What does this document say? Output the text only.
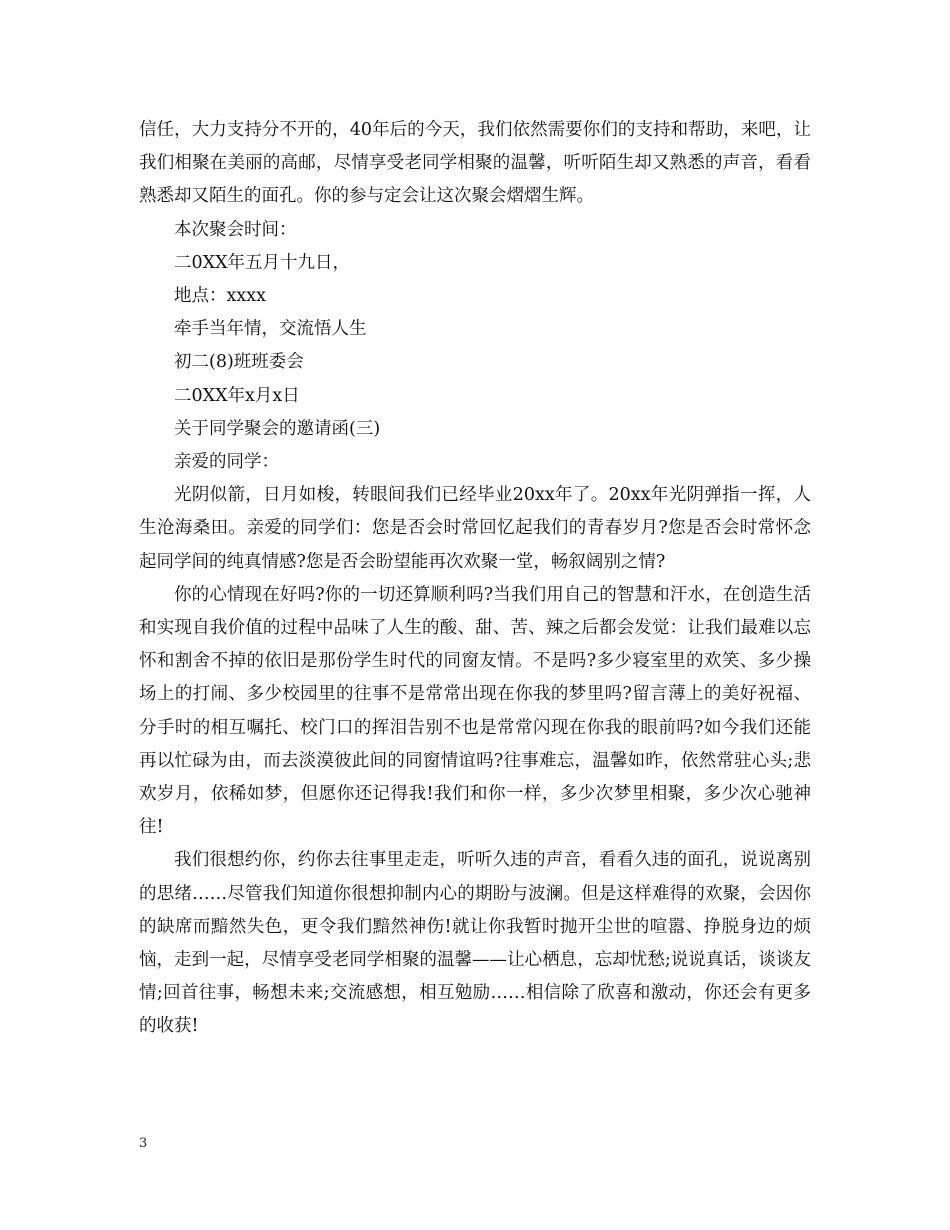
信任，大力支持分不开的，40年后的今天，我们依然需要你们的支持和帮助，来吧，让我们相聚在美丽的高邮，尽情享受老同学相聚的温馨，听听陌生却又熟悉的声音，看看熟悉却又陌生的面孔。你的参与定会让这次聚会熠熠生辉。

本次聚会时间：

二0XX年五月十九日，

地点：xxxx

牵手当年情，交流悟人生

初二(8)班班委会

二0XX年x月x日

关于同学聚会的邀请函(三)

亲爱的同学：

光阴似箭，日月如梭，转眼间我们已经毕业20xx年了。20xx年光阴弹指一挥，人生沧海桑田。亲爱的同学们：您是否会时常回忆起我们的青春岁月?您是否会时常怀念起同学间的纯真情感?您是否会盼望能再次欢聚一堂，畅叙阔别之情?

你的心情现在好吗?你的一切还算顺利吗?当我们用自己的智慧和汗水，在创造生活和实现自我价值的过程中品味了人生的酸、甜、苦、辣之后都会发觉：让我们最难以忘怀和割舍不掉的依旧是那份学生时代的同窗友情。不是吗?多少寝室里的欢笑、多少操场上的打闹、多少校园里的往事不是常常出现在你我的梦里吗?留言薄上的美好祝福、分手时的相互嘱托、校门口的挥泪告别不也是常常闪现在你我的眼前吗?如今我们还能再以忙碌为由，而去淡漠彼此间的同窗情谊吗?往事难忘，温馨如昨，依然常驻心头;悲欢岁月，依稀如梦，但愿你还记得我!我们和你一样，多少次梦里相聚，多少次心驰神往!

我们很想约你，约你去往事里走走，听听久违的声音，看看久违的面孔，说说离别的思绪……尽管我们知道你很想抑制内心的期盼与波澜。但是这样难得的欢聚，会因你的缺席而黯然失色，更令我们黯然神伤!就让你我暂时抛开尘世的喧嚣、挣脱身边的烦恼，走到一起，尽情享受老同学相聚的温馨——让心栖息，忘却忧愁;说说真话，谈谈友情;回首往事，畅想未来;交流感想，相互勉励……相信除了欣喜和激动，你还会有更多的收获!

3
